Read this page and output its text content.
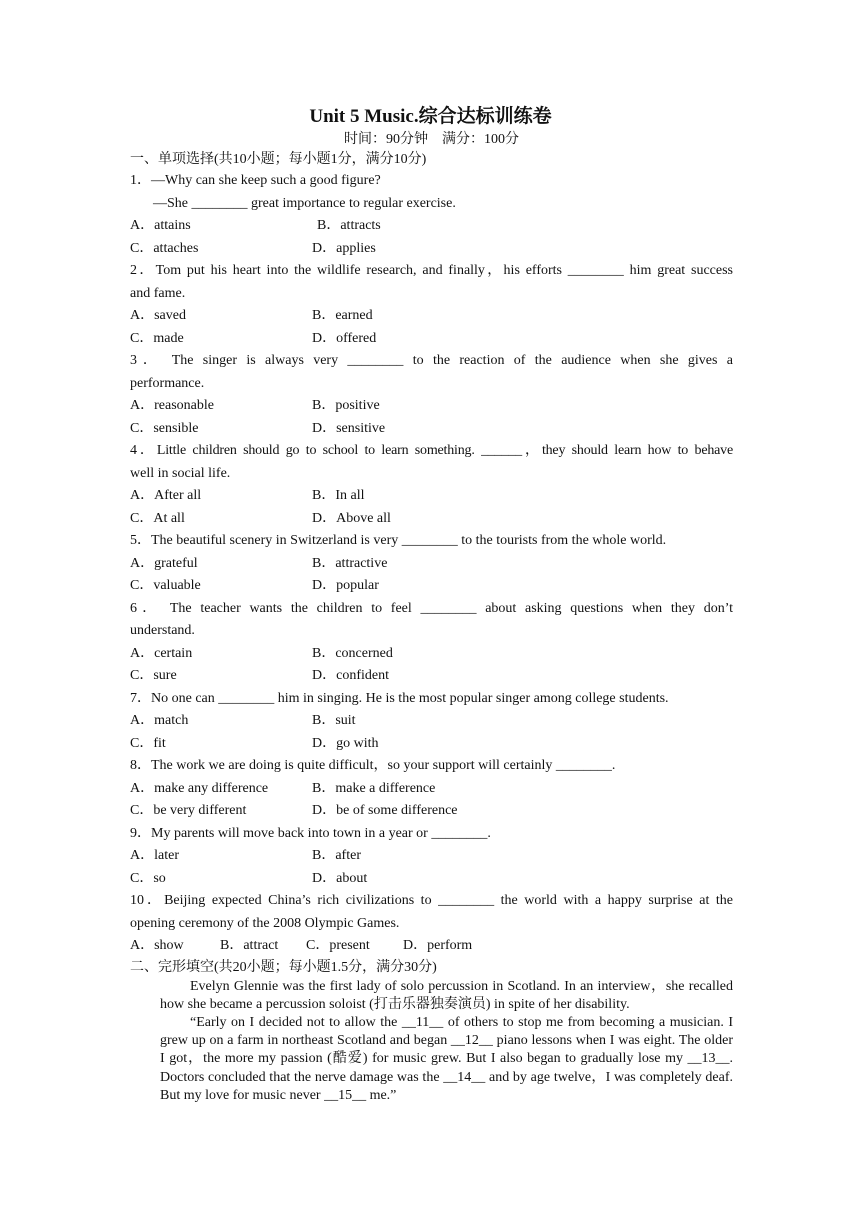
Unit 5 Music.综合达标训练卷
时间：90分钟　满分：100分
一、单项选择(共10小题；每小题1分，满分10分)
1．—Why can she keep such a good figure?
—She ________ great importance to regular exercise.
A．attains	B．attracts
C．attaches	D．applies
2．Tom put his heart into the wildlife research, and finally，his efforts ________ him great success
and fame.
A．saved	B．earned
C．made	D．offered
3． The singer is always very ________ to the reaction of the audience when she gives a
performance.
A．reasonable	B．positive
C．sensible	D．sensitive
4．Little children should go to school to learn something. ______，they should learn how to behave
well in social life.
A．After all	B．In all
C．At all	D．Above all
5．The beautiful scenery in Switzerland is very ________ to the tourists from the whole world.
A．grateful	B．attractive
C．valuable	D．popular
6． The teacher wants the children to feel ________ about asking questions when they don’t
understand.
A．certain	B．concerned
C．sure	D．confident
7．No one can ________ him in singing. He is the most popular singer among college students.
A．match	B．suit
C．fit	D．go with
8．The work we are doing is quite difficult，so your support will certainly ________.
A．make any difference	B．make a difference
C．be very different	D．be of some difference
9．My parents will move back into town in a year or ________.
A．later	B．after
C．so	D．about
10．Beijing expected China’s rich civilizations to ________ the world with a happy surprise at the
opening ceremony of the 2008 Olympic Games.
A．show	B．attract	C．present	D．perform
二、完形填空(共20小题；每小题1.5分，满分30分)

Evelyn Glennie was the first lady of solo percussion in Scotland. In an interview，she recalled how she became a percussion soloist (打击乐器独奏演员) in spite of her disability.

“Early on I decided not to allow the __11__ of others to stop me from becoming a musician. I grew up on a farm in northeast Scotland and began __12__ piano lessons when I was eight. The older I got，the more my passion (酷爱) for music grew. But I also began to gradually lose my __13__. Doctors concluded that the nerve damage was the __14__ and by age twelve，I was completely deaf. But my love for music never __15__ me.”
